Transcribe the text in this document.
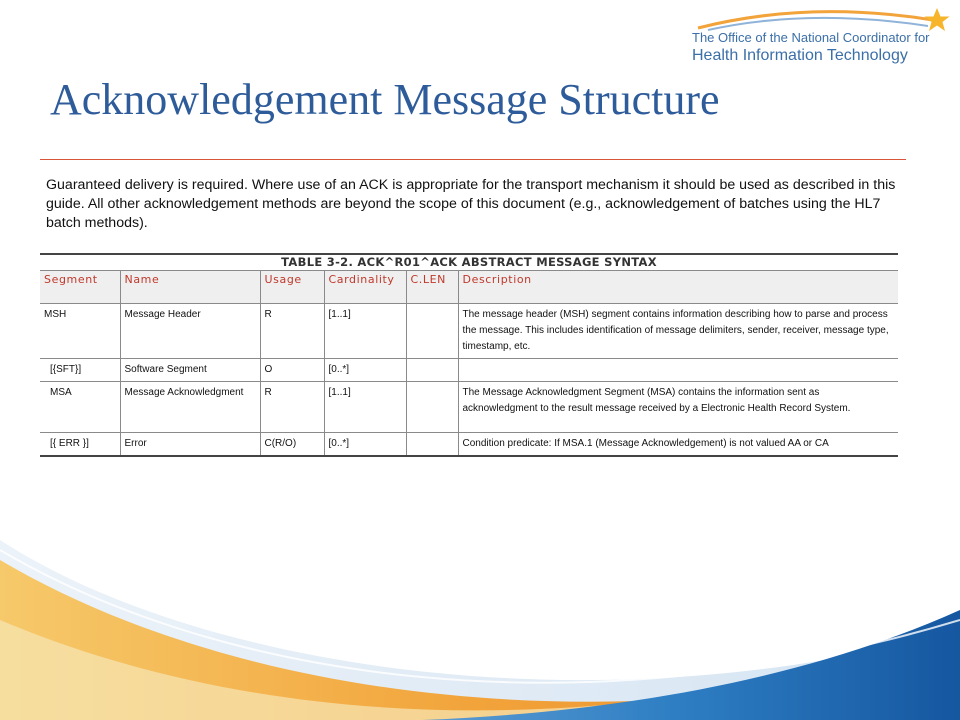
The Office of the National Coordinator for
Health Information Technology
Acknowledgement Message Structure

Guaranteed delivery is required. Where use of an ACK is appropriate for the transport mechanism it should be used as described in this guide. All other acknowledgement methods are beyond the scope of this document (e.g., acknowledgement of batches using the HL7 batch methods).

TABLE 3-2. ACK^R01^ACK ABSTRACT MESSAGE SYNTAX					
Segment	Name	Usage	Cardinality	C.LEN	Description
MSH	Message Header	R	[1..1]		The message header (MSH) segment contains information describing how to parse and process the message. This includes identification of message delimiters, sender, receiver, message type, timestamp, etc.
[{SFT}]	Software Segment	O	[0..*]		
MSA	Message Acknowledgment	R	[1..1]		The Message Acknowledgment Segment (MSA) contains the information sent as acknowledgment to the result message received by a Electronic Health Record System.
[{ ERR }]	Error	C(R/O)	[0..*]		Condition predicate: If MSA.1 (Message Acknowledgement) is not valued AA or CA
